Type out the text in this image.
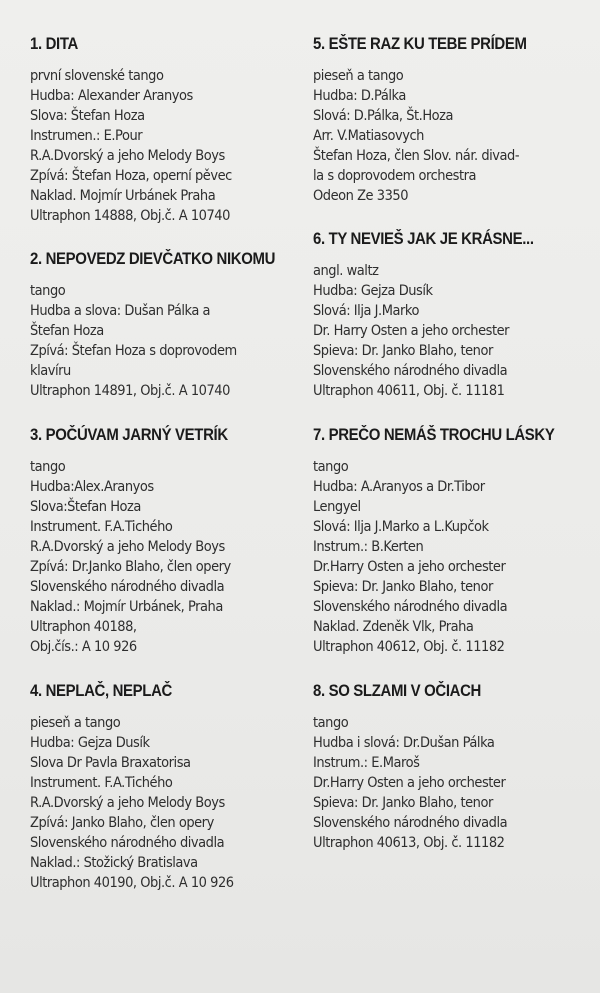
1. DITA
první slovenské tango
Hudba: Alexander Aranyos
Slova: Štefan Hoza
Instrumen.: E.Pour
R.A.Dvorský a jeho Melody Boys
Zpívá: Štefan Hoza, operní pěvec
Naklad. Mojmír Urbánek Praha
Ultraphon 14888, Obj.č. A 10740
2. NEPOVEDZ DIEVČATKO NIKOMU
tango
Hudba a slova: Dušan Pálka a
Štefan Hoza
Zpívá: Štefan Hoza s doprovodem
klavíru
Ultraphon 14891, Obj.č. A 10740
3. POČÚVAM JARNÝ VETRÍK
tango
Hudba:Alex.Aranyos
Slova:Štefan Hoza
Instrument. F.A.Tichého
R.A.Dvorský a jeho Melody Boys
Zpívá: Dr.Janko Blaho, člen opery
Slovenského národného divadla
Naklad.: Mojmír Urbánek, Praha
Ultraphon 40188,
Obj.čís.: A 10 926
4. NEPLAČ, NEPLAČ
pieseň a tango
Hudba: Gejza Dusík
Slova Dr Pavla Braxatorisa
Instrument. F.A.Tichého
R.A.Dvorský a jeho Melody Boys
Zpívá: Janko Blaho, člen opery
Slovenského národného divadla
Naklad.: Stožický Bratislava
Ultraphon 40190, Obj.č. A 10 926
5. EŠTE RAZ KU TEBE PRÍDEM
pieseň a tango
Hudba: D.Pálka
Slová: D.Pálka, Št.Hoza
Arr. V.Matiasovych
Štefan Hoza, člen Slov. nár. divad-
la s doprovodem orchestra
Odeon Ze 3350
6. TY NEVIEŠ JAK JE KRÁSNE...
angl. waltz
Hudba: Gejza Dusík
Slová: Ilja J.Marko
Dr. Harry Osten a jeho orchester
Spieva: Dr. Janko Blaho, tenor
Slovenského národného divadla
Ultraphon 40611, Obj. č. 11181
7. PREČO NEMÁŠ TROCHU LÁSKY
tango
Hudba: A.Aranyos a Dr.Tibor
Lengyel
Slová: Ilja J.Marko a L.Kupčok
Instrum.: B.Kerten
Dr.Harry Osten a jeho orchester
Spieva: Dr. Janko Blaho, tenor
Slovenského národného divadla
Naklad. Zdeněk Vlk, Praha
Ultraphon 40612, Obj. č. 11182
8. SO SLZAMI V OČIACH
tango
Hudba i slová: Dr.Dušan Pálka
Instrum.: E.Maroš
Dr.Harry Osten a jeho orchester
Spieva: Dr. Janko Blaho, tenor
Slovenského národného divadla
Ultraphon 40613, Obj. č. 11182
